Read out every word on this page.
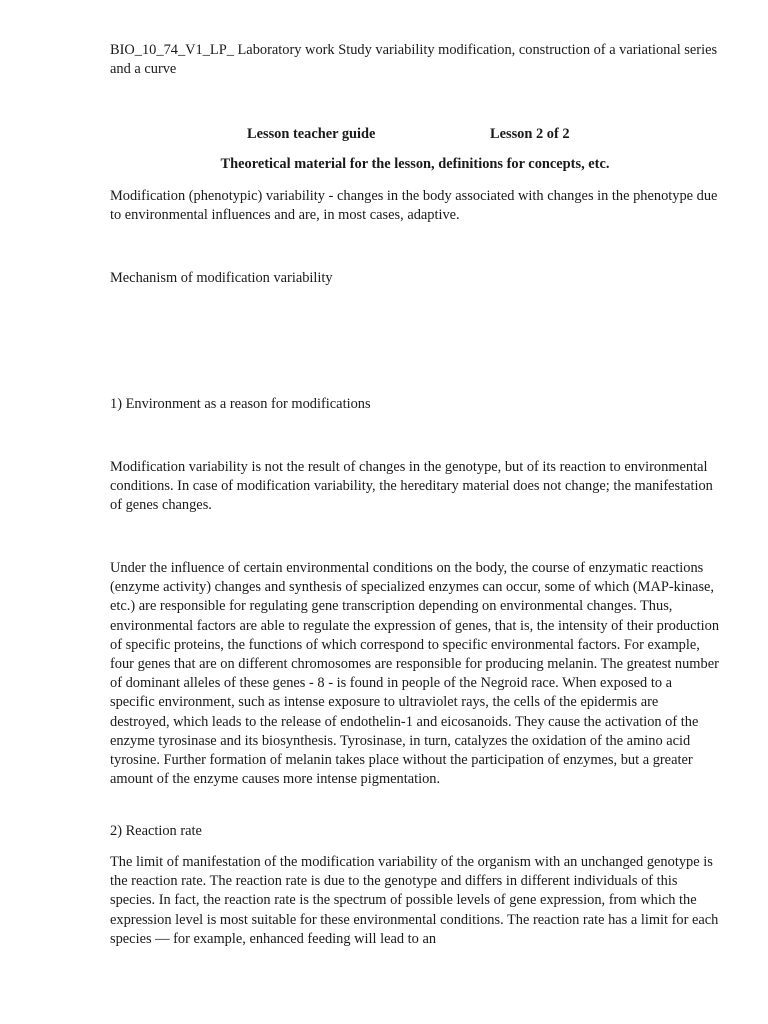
BIO_10_74_V1_LP_ Laboratory work Study variability modification, construction of a variational series and a curve

Lesson teacher guide	Lesson 2 of 2

Theoretical material for the lesson, definitions for concepts, etc.

Modification (phenotypic) variability - changes in the body associated with changes in the phenotype due to environmental influences and are, in most cases, adaptive.

Mechanism of modification variability

1) Environment as a reason for modifications

Modification variability is not the result of changes in the genotype, but of its reaction to environmental conditions. In case of modification variability, the hereditary material does not change; the manifestation of genes changes.

Under the influence of certain environmental conditions on the body, the course of enzymatic reactions (enzyme activity) changes and synthesis of specialized enzymes can occur, some of which (MAP-kinase, etc.) are responsible for regulating gene transcription depending on environmental changes. Thus, environmental factors are able to regulate the expression of genes, that is, the intensity of their production of specific proteins, the functions of which correspond to specific environmental factors. For example, four genes that are on different chromosomes are responsible for producing melanin. The greatest number of dominant alleles of these genes - 8 - is found in people of the Negroid race. When exposed to a specific environment, such as intense exposure to ultraviolet rays, the cells of the epidermis are destroyed, which leads to the release of endothelin-1 and eicosanoids. They cause the activation of the enzyme tyrosinase and its biosynthesis. Tyrosinase, in turn, catalyzes the oxidation of the amino acid tyrosine. Further formation of melanin takes place without the participation of enzymes, but a greater amount of the enzyme causes more intense pigmentation.

2) Reaction rate

The limit of manifestation of the modification variability of the organism with an unchanged genotype is the reaction rate. The reaction rate is due to the genotype and differs in different individuals of this species. In fact, the reaction rate is the spectrum of possible levels of gene expression, from which the expression level is most suitable for these environmental conditions. The reaction rate has a limit for each species — for example, enhanced feeding will lead to an
